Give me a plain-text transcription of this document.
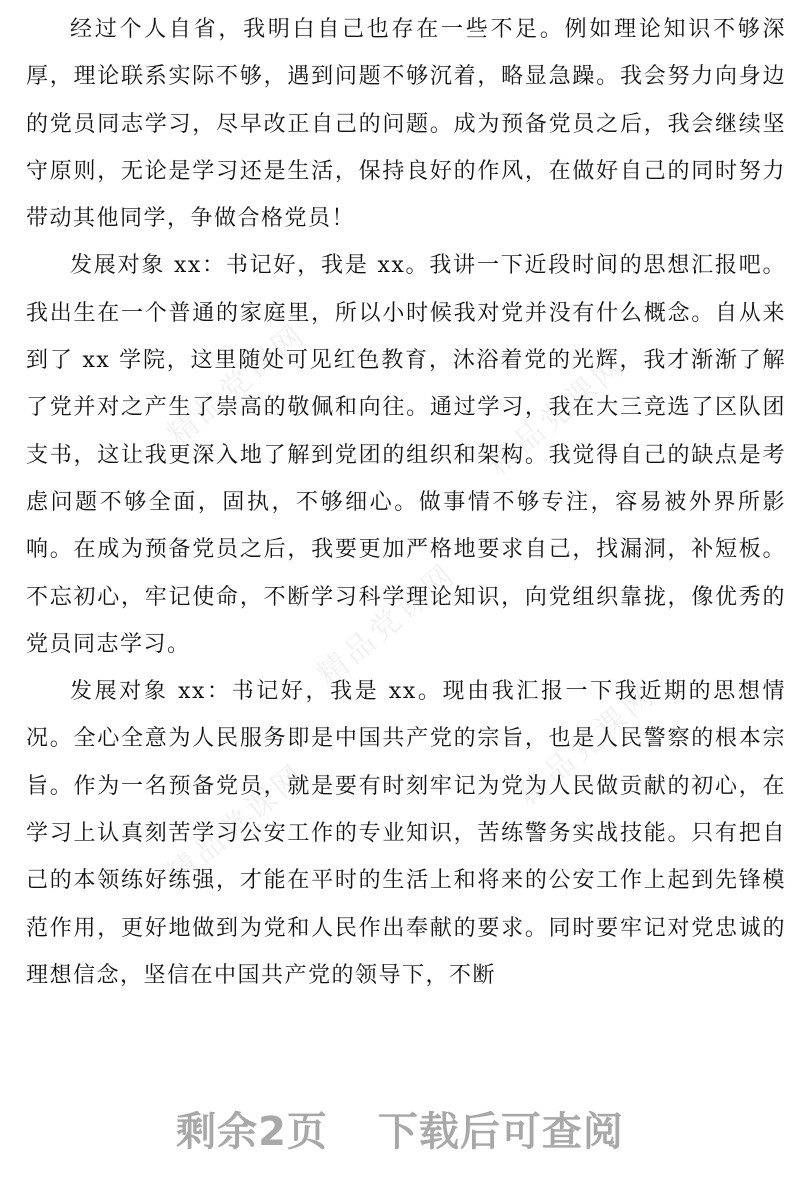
精品党课网	精品党课网
精品党课网
精品党课网
精品党课网

经过个人自省，我明白自己也存在一些不足。例如理论知识不够深厚，理论联系实际不够，遇到问题不够沉着，略显急躁。我会努力向身边的党员同志学习，尽早改正自己的问题。成为预备党员之后，我会继续坚守原则，无论是学习还是生活，保持良好的作风，在做好自己的同时努力带动其他同学，争做合格党员！

发展对象 xx：书记好，我是 xx。我讲一下近段时间的思想汇报吧。我出生在一个普通的家庭里，所以小时候我对党并没有什么概念。自从来到了 xx 学院，这里随处可见红色教育，沐浴着党的光辉，我才渐渐了解了党并对之产生了崇高的敬佩和向往。通过学习，我在大三竞选了区队团支书，这让我更深入地了解到党团的组织和架构。我觉得自己的缺点是考虑问题不够全面，固执，不够细心。做事情不够专注，容易被外界所影响。在成为预备党员之后，我要更加严格地要求自己，找漏洞，补短板。不忘初心，牢记使命，不断学习科学理论知识，向党组织靠拢，像优秀的党员同志学习。

发展对象 xx：书记好，我是 xx。现由我汇报一下我近期的思想情况。全心全意为人民服务即是中国共产党的宗旨，也是人民警察的根本宗旨。作为一名预备党员，就是要有时刻牢记为党为人民做贡献的初心，在学习上认真刻苦学习公安工作的专业知识，苦练警务实战技能。只有把自己的本领练好练强，才能在平时的生活上和将来的公安工作上起到先锋模范作用，更好地做到为党和人民作出奉献的要求。同时要牢记对党忠诚的理想信念，坚信在中国共产党的领导下，不断

剩余2页 下载后可查阅
